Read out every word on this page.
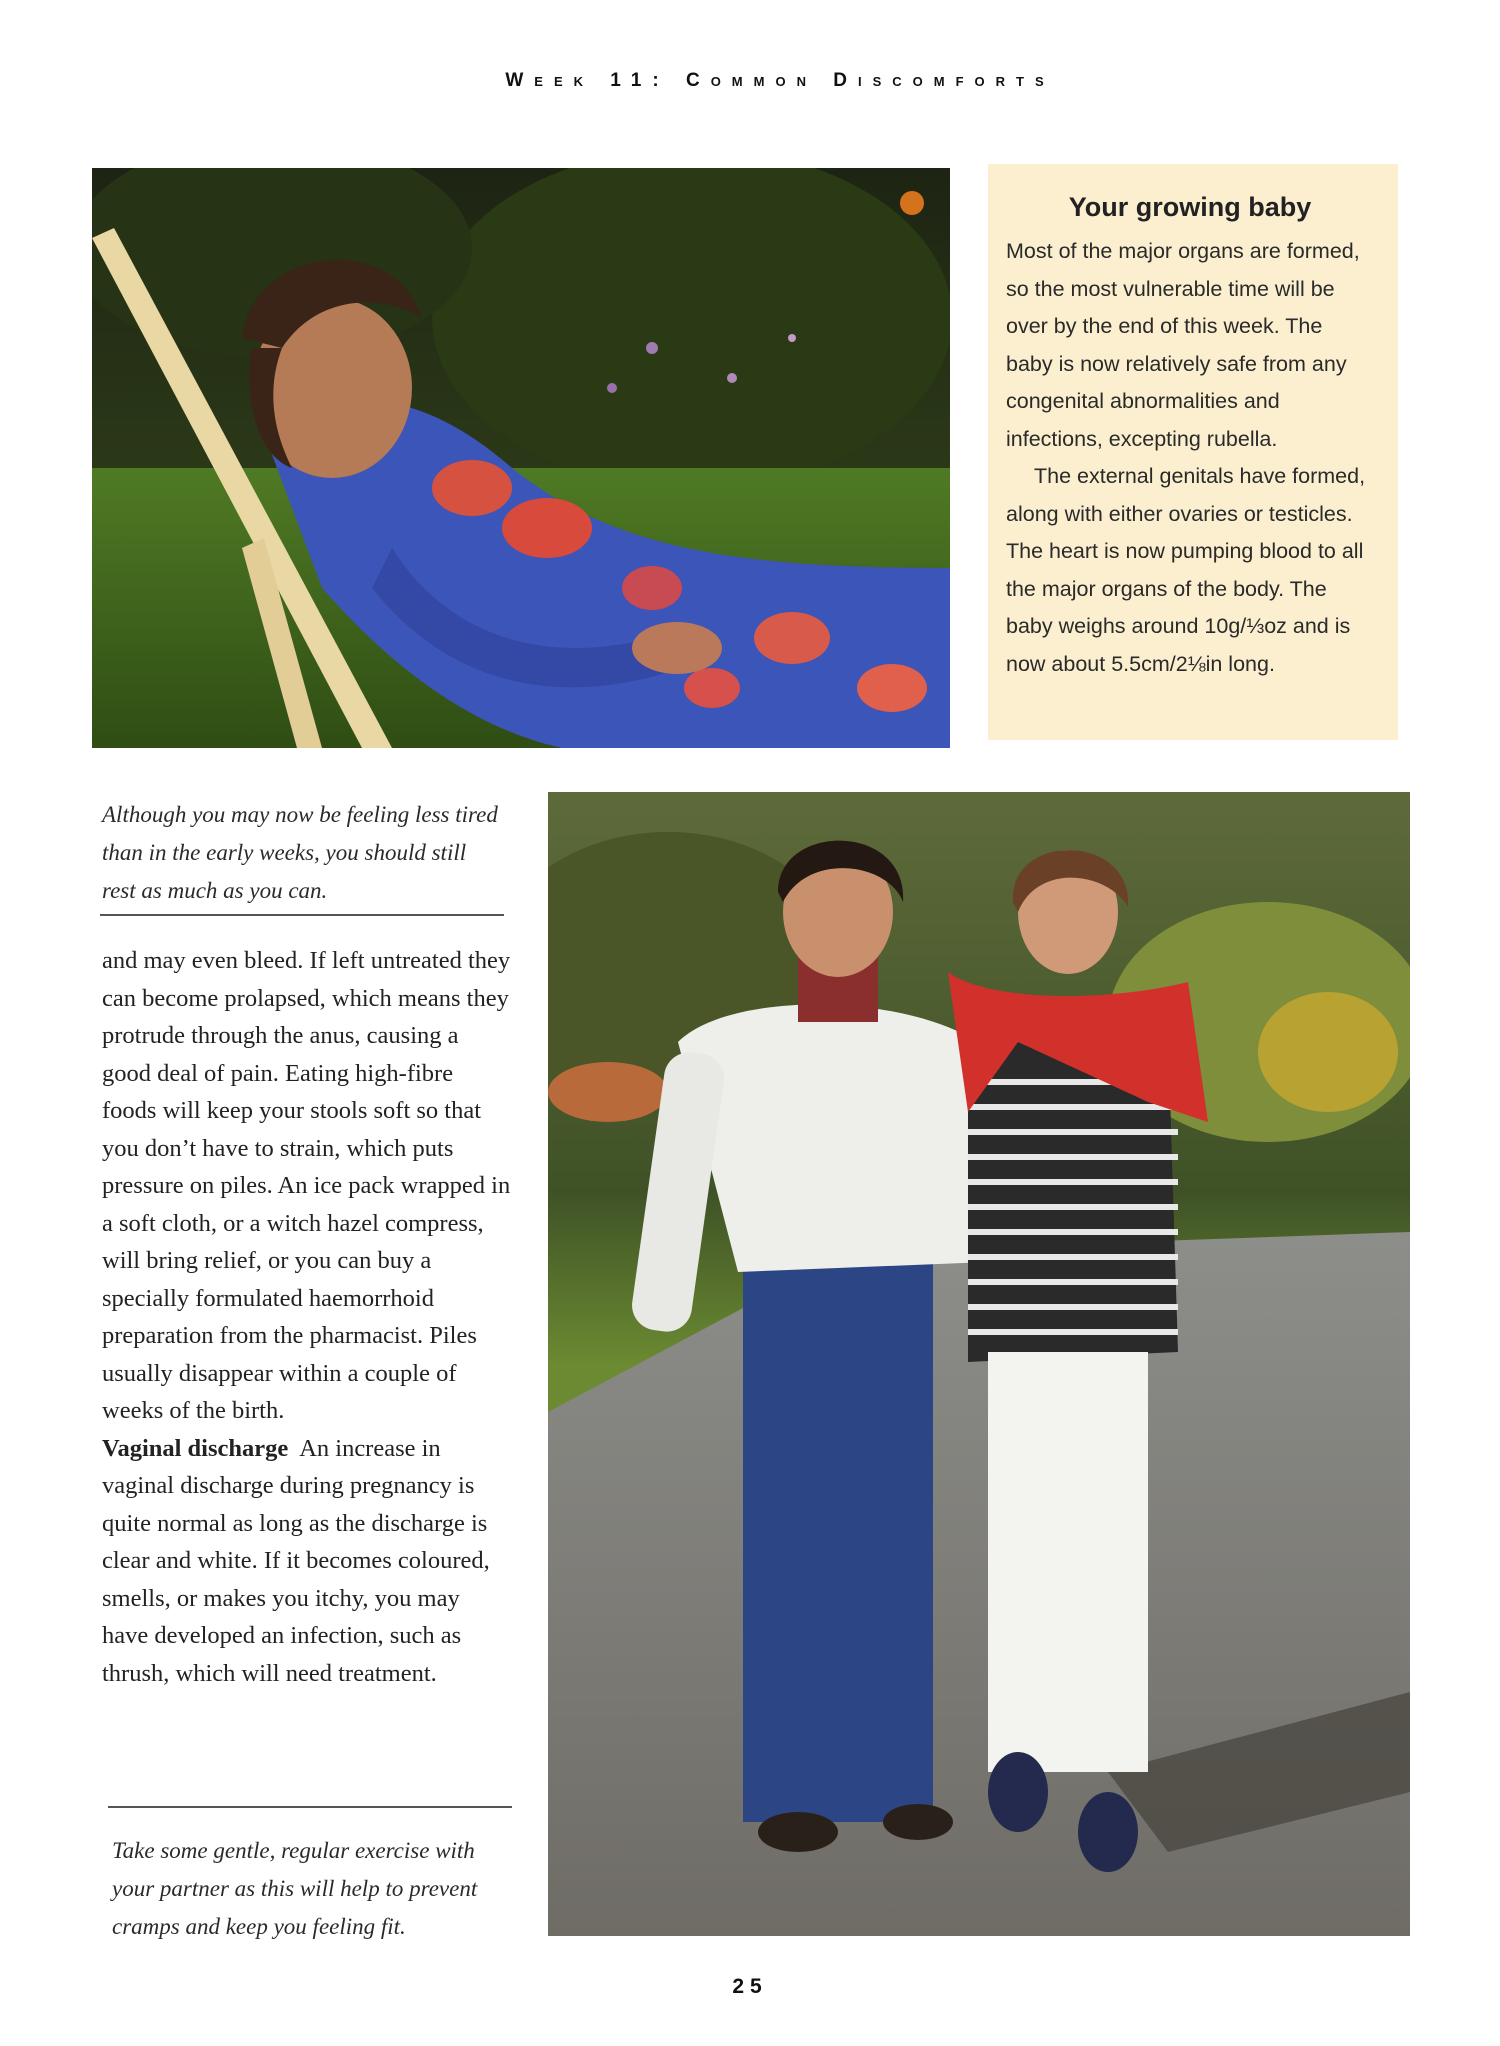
Week 11: Common Discomforts

Your growing baby

Most of the major organs are formed, so the most vulnerable time will be over by the end of this week. The baby is now relatively safe from any congenital abnormalities and infections, excepting rubella.

The external genitals have formed, along with either ovaries or testicles. The heart is now pumping blood to all the major organs of the body. The baby weighs around 10g/⅓oz and is now about 5.5cm/2⅛in long.

Although you may now be feeling less tired than in the early weeks, you should still rest as much as you can.

and may even bleed. If left untreated they can become prolapsed, which means they protrude through the anus, causing a good deal of pain. Eating high-fibre foods will keep your stools soft so that you don’t have to strain, which puts pressure on piles. An ice pack wrapped in a soft cloth, or a witch hazel compress, will bring relief, or you can buy a specially formulated haemorrhoid preparation from the pharmacist. Piles usually disappear within a couple of weeks of the birth.

Vaginal discharge An increase in vaginal discharge during pregnancy is quite normal as long as the discharge is clear and white. If it becomes coloured, smells, or makes you itchy, you may have developed an infection, such as thrush, which will need treatment.

Take some gentle, regular exercise with your partner as this will help to prevent cramps and keep you feeling fit.
25
